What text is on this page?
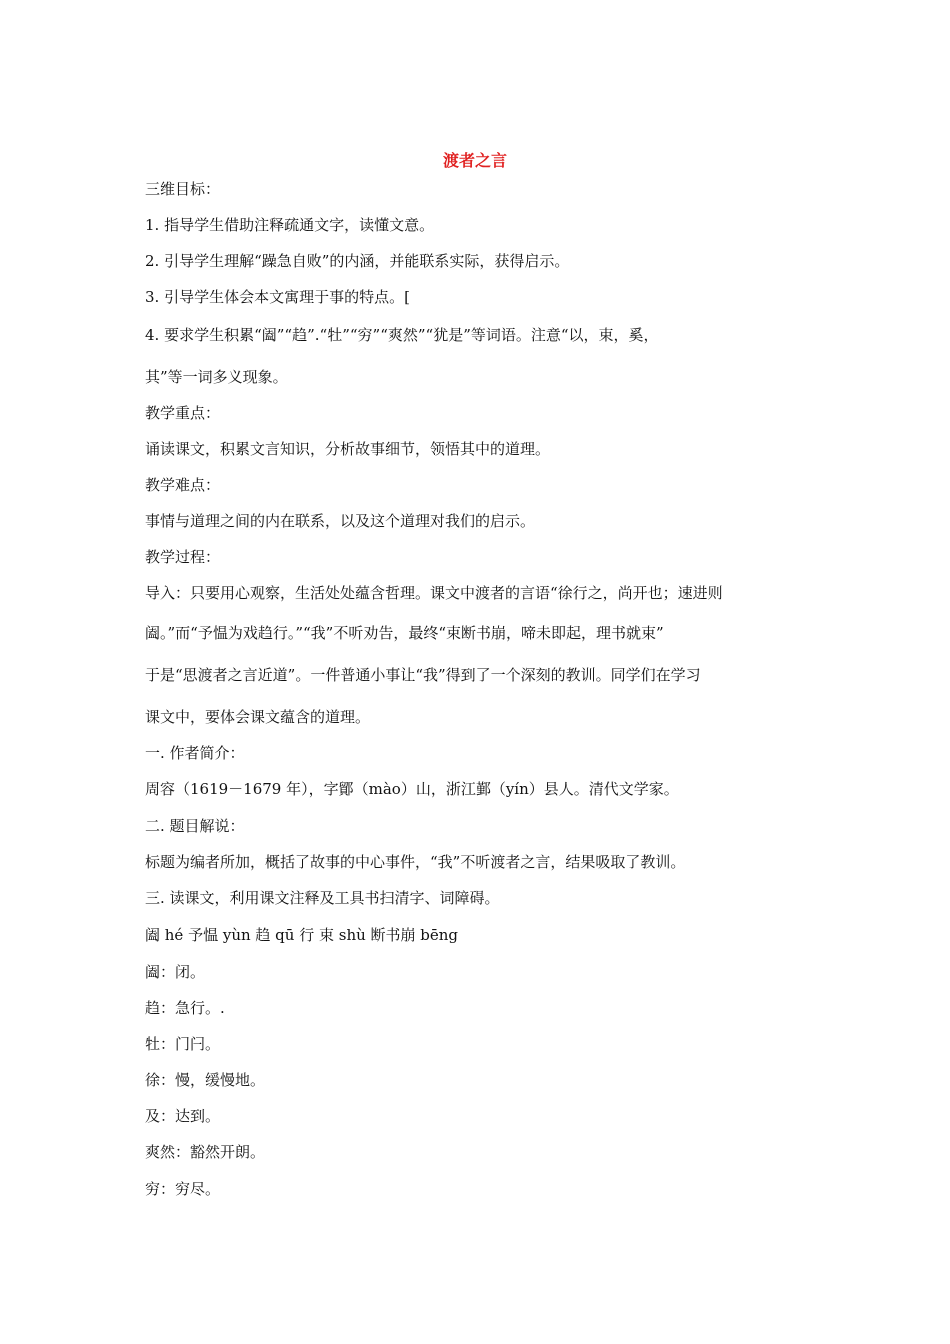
渡者之言
三维目标：
1. 指导学生借助注释疏通文字，读懂文意。
2. 引导学生理解“躁急自败”的内涵，并能联系实际，获得启示。
3. 引导学生体会本文寓理于事的特点。[
4. 要求学生积累“阖”“趋”.“牡”“穷”“爽然”“犹是”等词语。注意“以，束，奚，
其”等一词多义现象。
教学重点：
诵读课文，积累文言知识，分析故事细节，领悟其中的道理。
教学难点：
事情与道理之间的内在联系，以及这个道理对我们的启示。
教学过程：
导入：只要用心观察，生活处处蕴含哲理。课文中渡者的言语“徐行之，尚开也；速进则
阖。”而“予愠为戏趋行。”“我”不听劝告，最终“束断书崩，啼未即起，理书就束”
于是“思渡者之言近道”。一件普通小事让“我”得到了一个深刻的教训。同学们在学习
课文中，要体会课文蕴含的道理。
一. 作者简介：
周容（1619－1679 年），字鄮（mào）山，浙江鄞（yín）县人。清代文学家。
二. 题目解说：
标题为编者所加，概括了故事的中心事件，“我”不听渡者之言，结果吸取了教训。
三. 读课文，利用课文注释及工具书扫清字、词障碍。
阖 hé 予愠 yùn 趋 qū 行 束 shù 断书崩 bēng
阖：闭。
趋：急行。.
牡：门闩。
徐：慢，缓慢地。
及：达到。
爽然：豁然开朗。
穷：穷尽。
